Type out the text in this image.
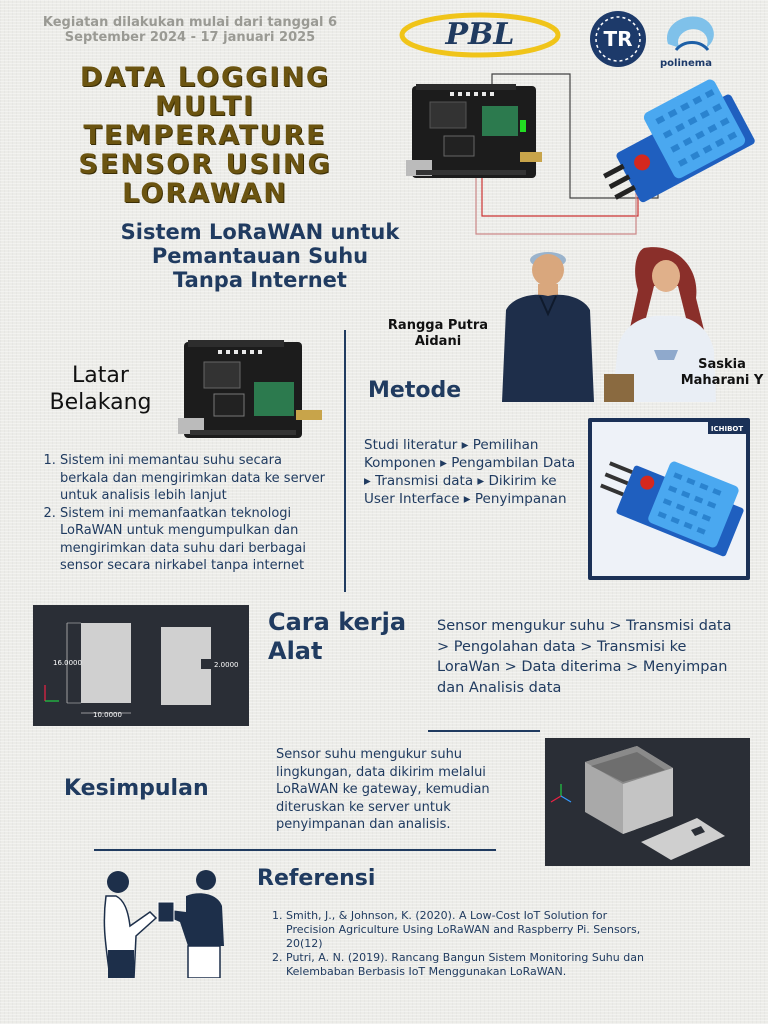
Kegiatan dilakukan mulai dari tanggal 6 September 2024 - 17 januari 2025
DATA LOGGING MULTI TEMPERATURE SENSOR USING LORAWAN
PBL	TR
polinema
Sistem LoRaWAN untuk Pemantauan Suhu Tanpa Internet
Rangga Putra Aidani
Saskia Maharani Y
Latar Belakang
1. Sistem ini memantau suhu secara berkala dan mengirimkan data ke server untuk analisis lebih lanjut
2. Sistem ini memanfaatkan teknologi LoRaWAN untuk mengumpulkan dan mengirimkan data suhu dari berbagai sensor secara nirkabel tanpa internet
Metode
Studi literatur ▸ Pemilihan Komponen ▸ Pengambilan Data ▸ Transmisi data ▸ Dikirim ke User Interface ▸ Penyimpanan
ICHIBOT
16.0000
10.0000
2.0000
Cara kerja Alat
Sensor mengukur suhu > Transmisi data > Pengolahan data > Transmisi ke LoraWan > Data diterima > Menyimpan dan Analisis data
Kesimpulan
Sensor suhu mengukur suhu lingkungan, data dikirim melalui LoRaWAN ke gateway, kemudian diteruskan ke server untuk penyimpanan dan analisis.
Referensi
1. Smith, J., & Johnson, K. (2020). A Low-Cost IoT Solution for Precision Agriculture Using LoRaWAN and Raspberry Pi. Sensors, 20(12)
2. Putri, A. N. (2019). Rancang Bangun Sistem Monitoring Suhu dan Kelembaban Berbasis IoT Menggunakan LoRaWAN.
